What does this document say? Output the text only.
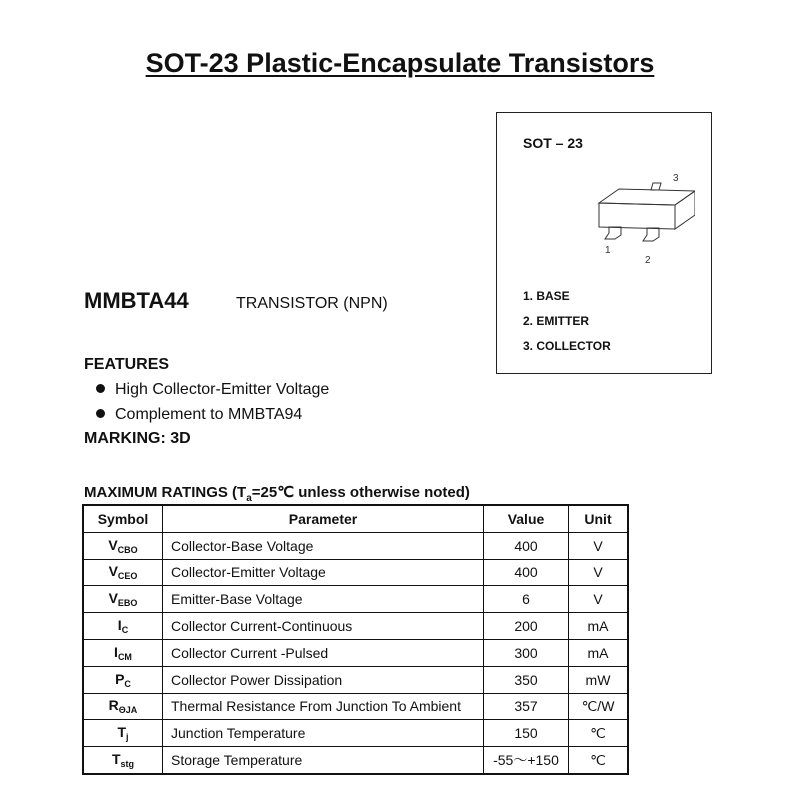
SOT-23 Plastic-Encapsulate Transistors
SOT – 23
3
1
2
1. BASE
2. EMITTER
3. COLLECTOR
MMBTA44	TRANSISTOR (NPN)
FEATURES
High Collector-Emitter Voltage
Complement to MMBTA94
MARKING: 3D
MAXIMUM RATINGS ($T_a=25℃$ unless otherwise noted)
Symbol	Parameter	Value	Unit
$V_{CBO}$	Collector-Base Voltage	400	V
$V_{CEO}$	Collector-Emitter Voltage	400	V
$V_{EBO}$	Emitter-Base Voltage	6	V
$I_C$	Collector Current-Continuous	200	mA
$I_{CM}$	Collector Current -Pulsed	300	mA
$P_C$	Collector Power Dissipation	350	mW
$R_{\Theta JA}$	Thermal Resistance From Junction To Ambient	357	℃/W
$T_j$	Junction Temperature	150	℃
$T_{stg}$	Storage Temperature	-55～+150	℃
